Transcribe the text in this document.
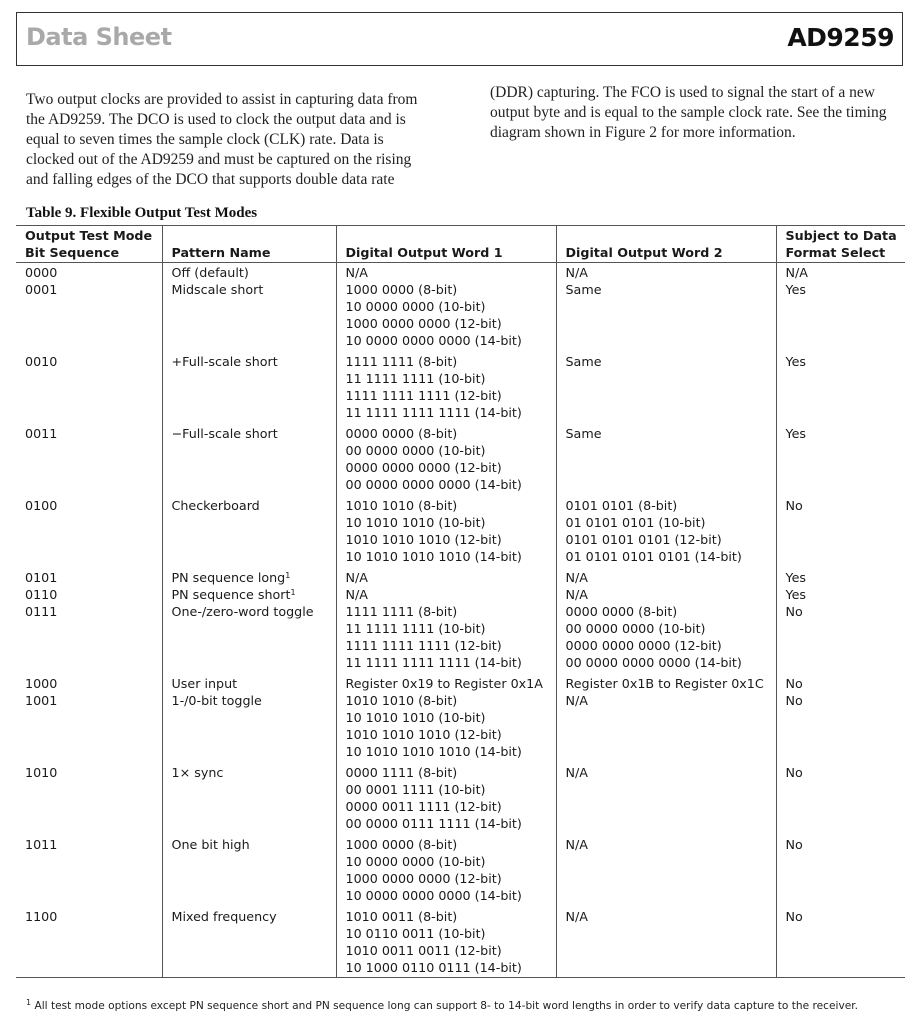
Data Sheet	AD9259
Two output clocks are provided to assist in capturing data from
the AD9259. The DCO is used to clock the output data and is
equal to seven times the sample clock (CLK) rate. Data is
clocked out of the AD9259 and must be captured on the rising
and falling edges of the DCO that supports double data rate
(DDR) capturing. The FCO is used to signal the start of a new
output byte and is equal to the sample clock rate. See the timing
diagram shown in Figure 2 for more information.
Table 9. Flexible Output Test Modes
Output Test Mode
Bit Sequence	Pattern Name	Digital Output Word 1	Digital Output Word 2	Subject to Data
Format Select

0000	Off (default)	N/A	N/A	N/A
0001	Midscale short	1000 0000 (8-bit)
10 0000 0000 (10-bit)
1000 0000 0000 (12-bit)
10 0000 0000 0000 (14-bit)	Same	Yes
0010	+Full-scale short	1111 1111 (8-bit)
11 1111 1111 (10-bit)
1111 1111 1111 (12-bit)
11 1111 1111 1111 (14-bit)	Same	Yes
0011	−Full-scale short	0000 0000 (8-bit)
00 0000 0000 (10-bit)
0000 0000 0000 (12-bit)
00 0000 0000 0000 (14-bit)	Same	Yes
0100	Checkerboard	1010 1010 (8-bit)
10 1010 1010 (10-bit)
1010 1010 1010 (12-bit)
10 1010 1010 1010 (14-bit)	0101 0101 (8-bit)
01 0101 0101 (10-bit)
0101 0101 0101 (12-bit)
01 0101 0101 0101 (14-bit)	No
0101	PN sequence long$^1$	N/A	N/A	Yes
0110	PN sequence short$^1$	N/A	N/A	Yes
0111	One-/zero-word toggle	1111 1111 (8-bit)
11 1111 1111 (10-bit)
1111 1111 1111 (12-bit)
11 1111 1111 1111 (14-bit)	0000 0000 (8-bit)
00 0000 0000 (10-bit)
0000 0000 0000 (12-bit)
00 0000 0000 0000 (14-bit)	No
1000	User input	Register 0x19 to Register 0x1A	Register 0x1B to Register 0x1C	No
1001	1-/0-bit toggle	1010 1010 (8-bit)
10 1010 1010 (10-bit)
1010 1010 1010 (12-bit)
10 1010 1010 1010 (14-bit)	N/A	No
1010	1× sync	0000 1111 (8-bit)
00 0001 1111 (10-bit)
0000 0011 1111 (12-bit)
00 0000 0111 1111 (14-bit)	N/A	No
1011	One bit high	1000 0000 (8-bit)
10 0000 0000 (10-bit)
1000 0000 0000 (12-bit)
10 0000 0000 0000 (14-bit)	N/A	No
1100	Mixed frequency	1010 0011 (8-bit)
10 0110 0011 (10-bit)
1010 0011 0011 (12-bit)
10 1000 0110 0111 (14-bit)	N/A	No
$^1$ All test mode options except PN sequence short and PN sequence long can support 8- to 14-bit word lengths in order to verify data capture to the receiver.
